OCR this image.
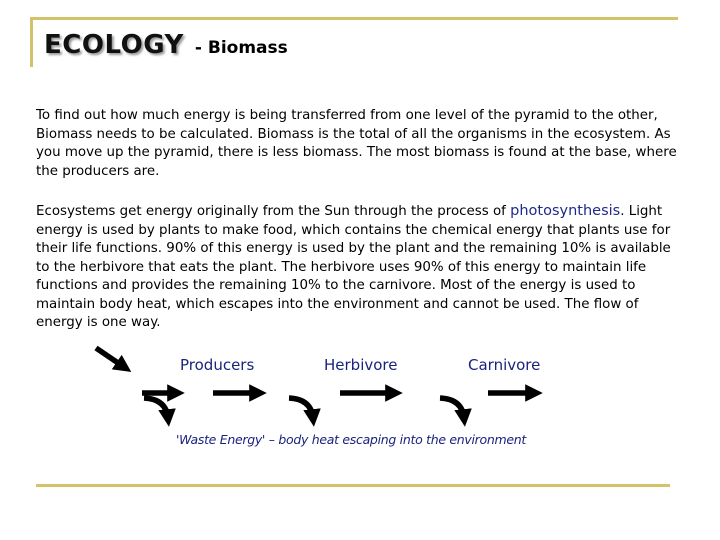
ECOLOGY - Biomass

To find out how much energy is being transferred from one level of the pyramid to the other, Biomass needs to be calculated. Biomass is the total of all the organisms in the ecosystem. As you move up the pyramid, there is less biomass. The most biomass is found at the base, where the producers are.

Ecosystems get energy originally from the Sun through the process of photosynthesis. Light energy is used by plants to make food, which contains the chemical energy that plants use for their life functions. 90% of this energy is used by the plant and the remaining 10% is available to the herbivore that eats the plant. The herbivore uses 90% of this energy to maintain life functions and provides the remaining 10% to the carnivore. Most of the energy is used to maintain body heat, which escapes into the environment and cannot be used. The flow of energy is one way.

Producers	Herbivore	Carnivore
'Waste Energy' – body heat escaping into the environment
